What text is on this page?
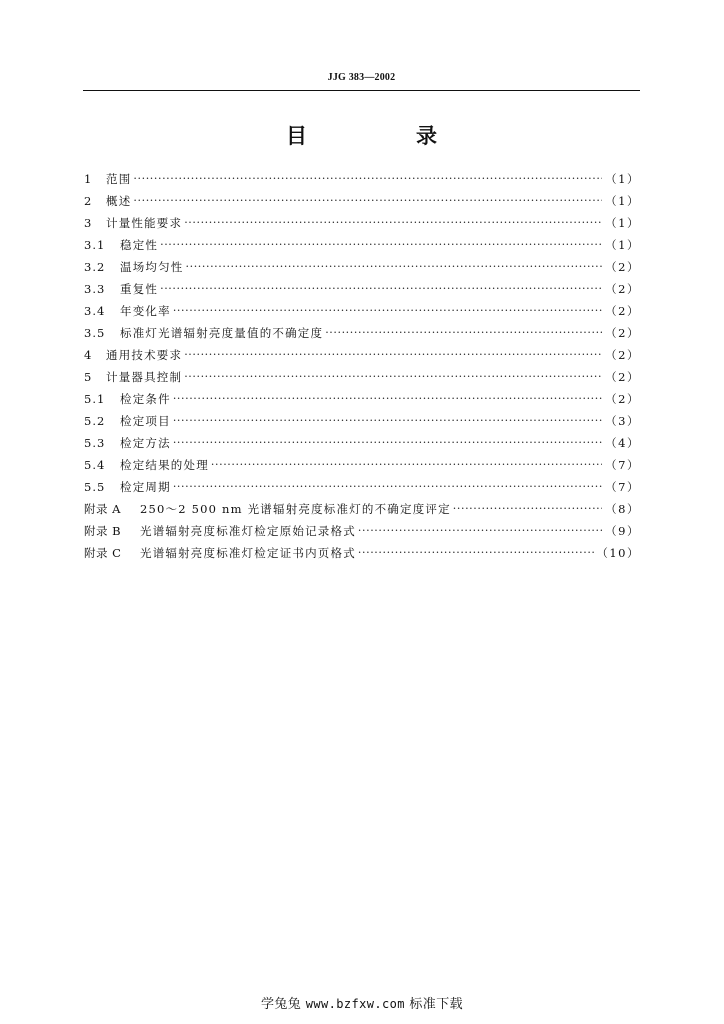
JJG 383—2002
目　录
1	范围 ·····	（1）
2	概述 ·····	（1）
3	计量性能要求 ·····	（1）
3.1	稳定性 ·····	（1）
3.2	温场均匀性 ·····	（2）
3.3	重复性 ·····	（2）
3.4	年变化率 ·····	（2）
3.5	标准灯光谱辐射亮度量值的不确定度 ·····	（2）
4	通用技术要求 ·····	（2）
5	计量器具控制 ·····	（2）
5.1	检定条件 ·····	（2）
5.2	检定项目 ·····	（3）
5.3	检定方法 ·····	（4）
5.4	检定结果的处理 ·····	（7）
5.5	检定周期 ·····	（7）
附录 A	250～2 500 nm 光谱辐射亮度标准灯的不确定度评定 ·····	（8）
附录 B	光谱辐射亮度标准灯检定原始记录格式 ·····	（9）
附录 C	光谱辐射亮度标准灯检定证书内页格式 ·····	（10）
学兔兔 www.bzfxw.com 标准下载
